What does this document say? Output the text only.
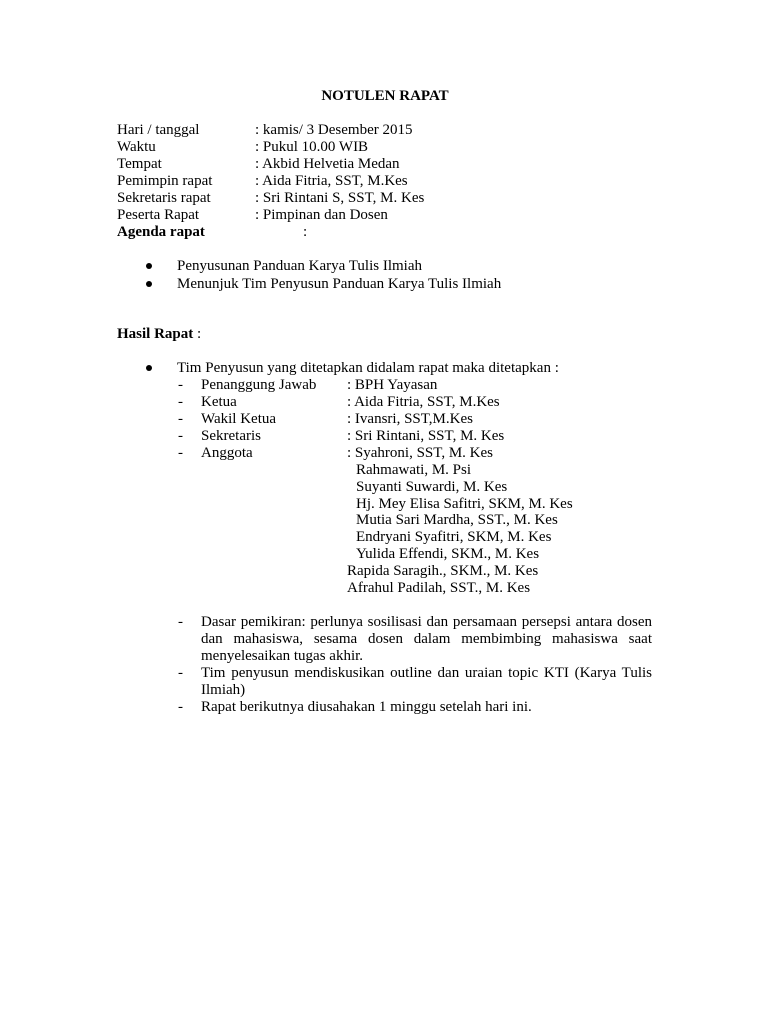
NOTULEN RAPAT
Hari / tanggal	: kamis/ 3 Desember 2015
Waktu	: Pukul 10.00 WIB
Tempat	: Akbid Helvetia Medan
Pemimpin rapat	: Aida Fitria, SST, M.Kes
Sekretaris rapat	: Sri Rintani S, SST, M. Kes
Peserta Rapat	: Pimpinan dan Dosen
Agenda rapat	:
Penyusunan Panduan Karya Tulis Ilmiah
Menunjuk Tim Penyusun Panduan Karya Tulis Ilmiah
Hasil Rapat :
Tim Penyusun yang ditetapkan didalam rapat maka ditetapkan :
- Penanggung Jawab : BPH Yayasan
- Ketua	: Aida Fitria, SST, M.Kes
- Wakil Ketua	: Ivansri, SST,M.Kes
- Sekretaris	: Sri Rintani, SST, M. Kes
- Anggota	: Syahroni, SST, M. Kes
Rahmawati, M. Psi
Suyanti Suwardi, M. Kes
Hj. Mey Elisa Safitri, SKM, M. Kes
Mutia Sari Mardha, SST., M. Kes
Endryani Syafitri, SKM, M. Kes
Yulida Effendi, SKM., M. Kes
Rapida Saragih., SKM., M. Kes
Afrahul Padilah, SST., M. Kes
- Dasar pemikiran: perlunya sosilisasi dan persamaan persepsi antara dosen dan mahasiswa, sesama dosen dalam membimbing mahasiswa saat menyelesaikan tugas akhir.
- Tim penyusun mendiskusikan outline dan uraian topic KTI (Karya Tulis Ilmiah)
- Rapat berikutnya diusahakan 1 minggu setelah hari ini.
